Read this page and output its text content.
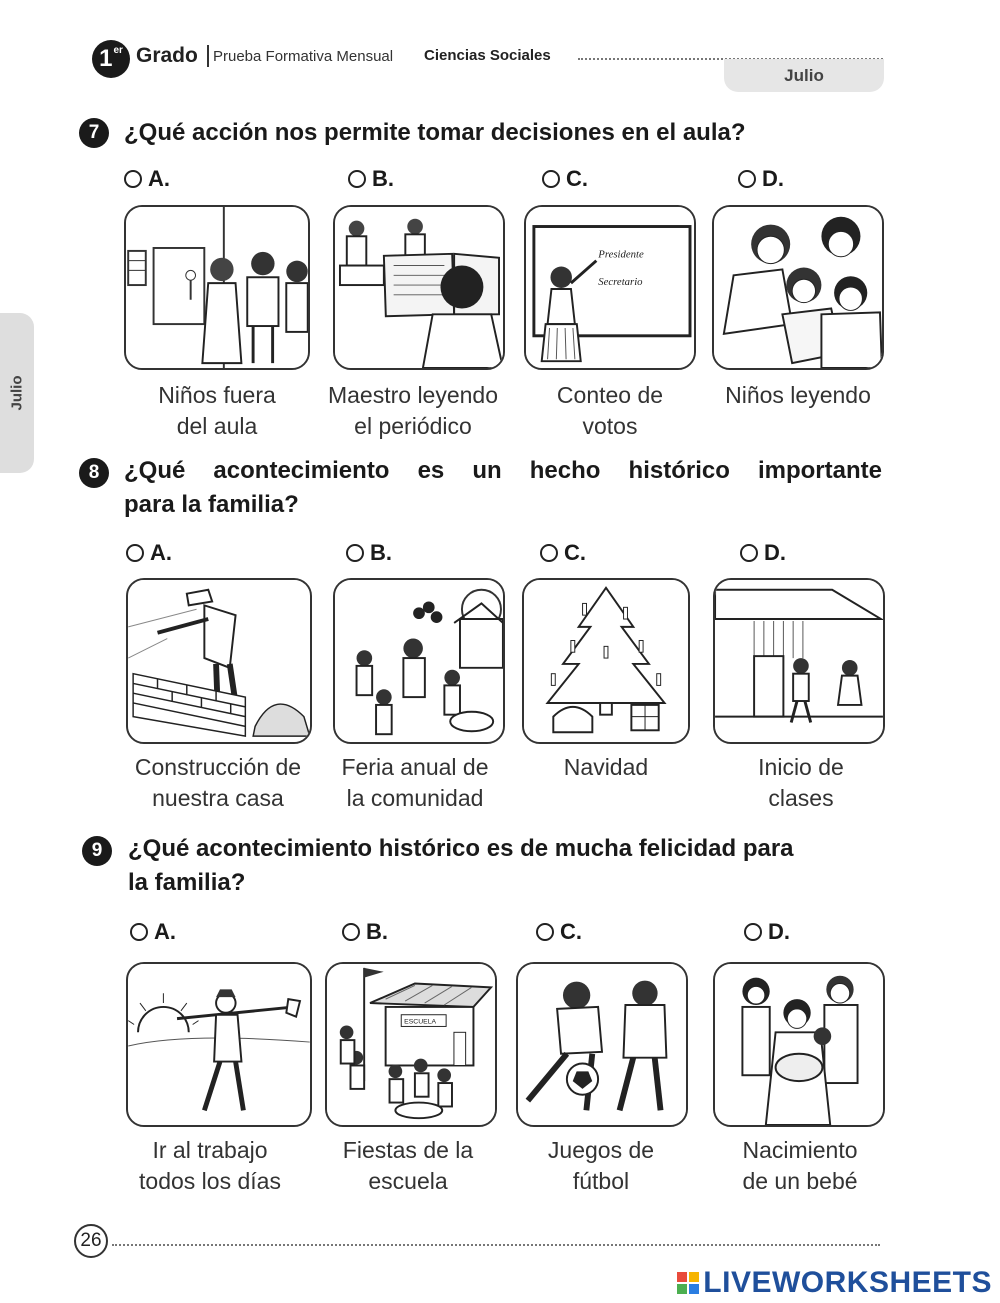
1er Grado Prueba Formativa Mensual Ciencias Sociales
Julio
Julio
7	¿Qué acción nos permite tomar decisiones en el aula?
A.	B.	C.	D.
Presidente
Secretario
Niños fuera
del aula
Maestro leyendo
el periódico
Conteo de
votos
Niños leyendo
8	¿Qué acontecimiento es un hecho histórico importante
para la familia?
A.	B.	C.	D.
Construcción de
nuestra casa
Feria anual de
la comunidad
Navidad	Inicio de
clases
9	¿Qué acontecimiento histórico es de mucha felicidad para
la familia?
A.	B.	C.	D.
ESCUELA
Ir al trabajo
todos los días
Fiestas de la
escuela
Juegos de
fútbol
Nacimiento
de un bebé
26
LIVEWORKSHEETS
